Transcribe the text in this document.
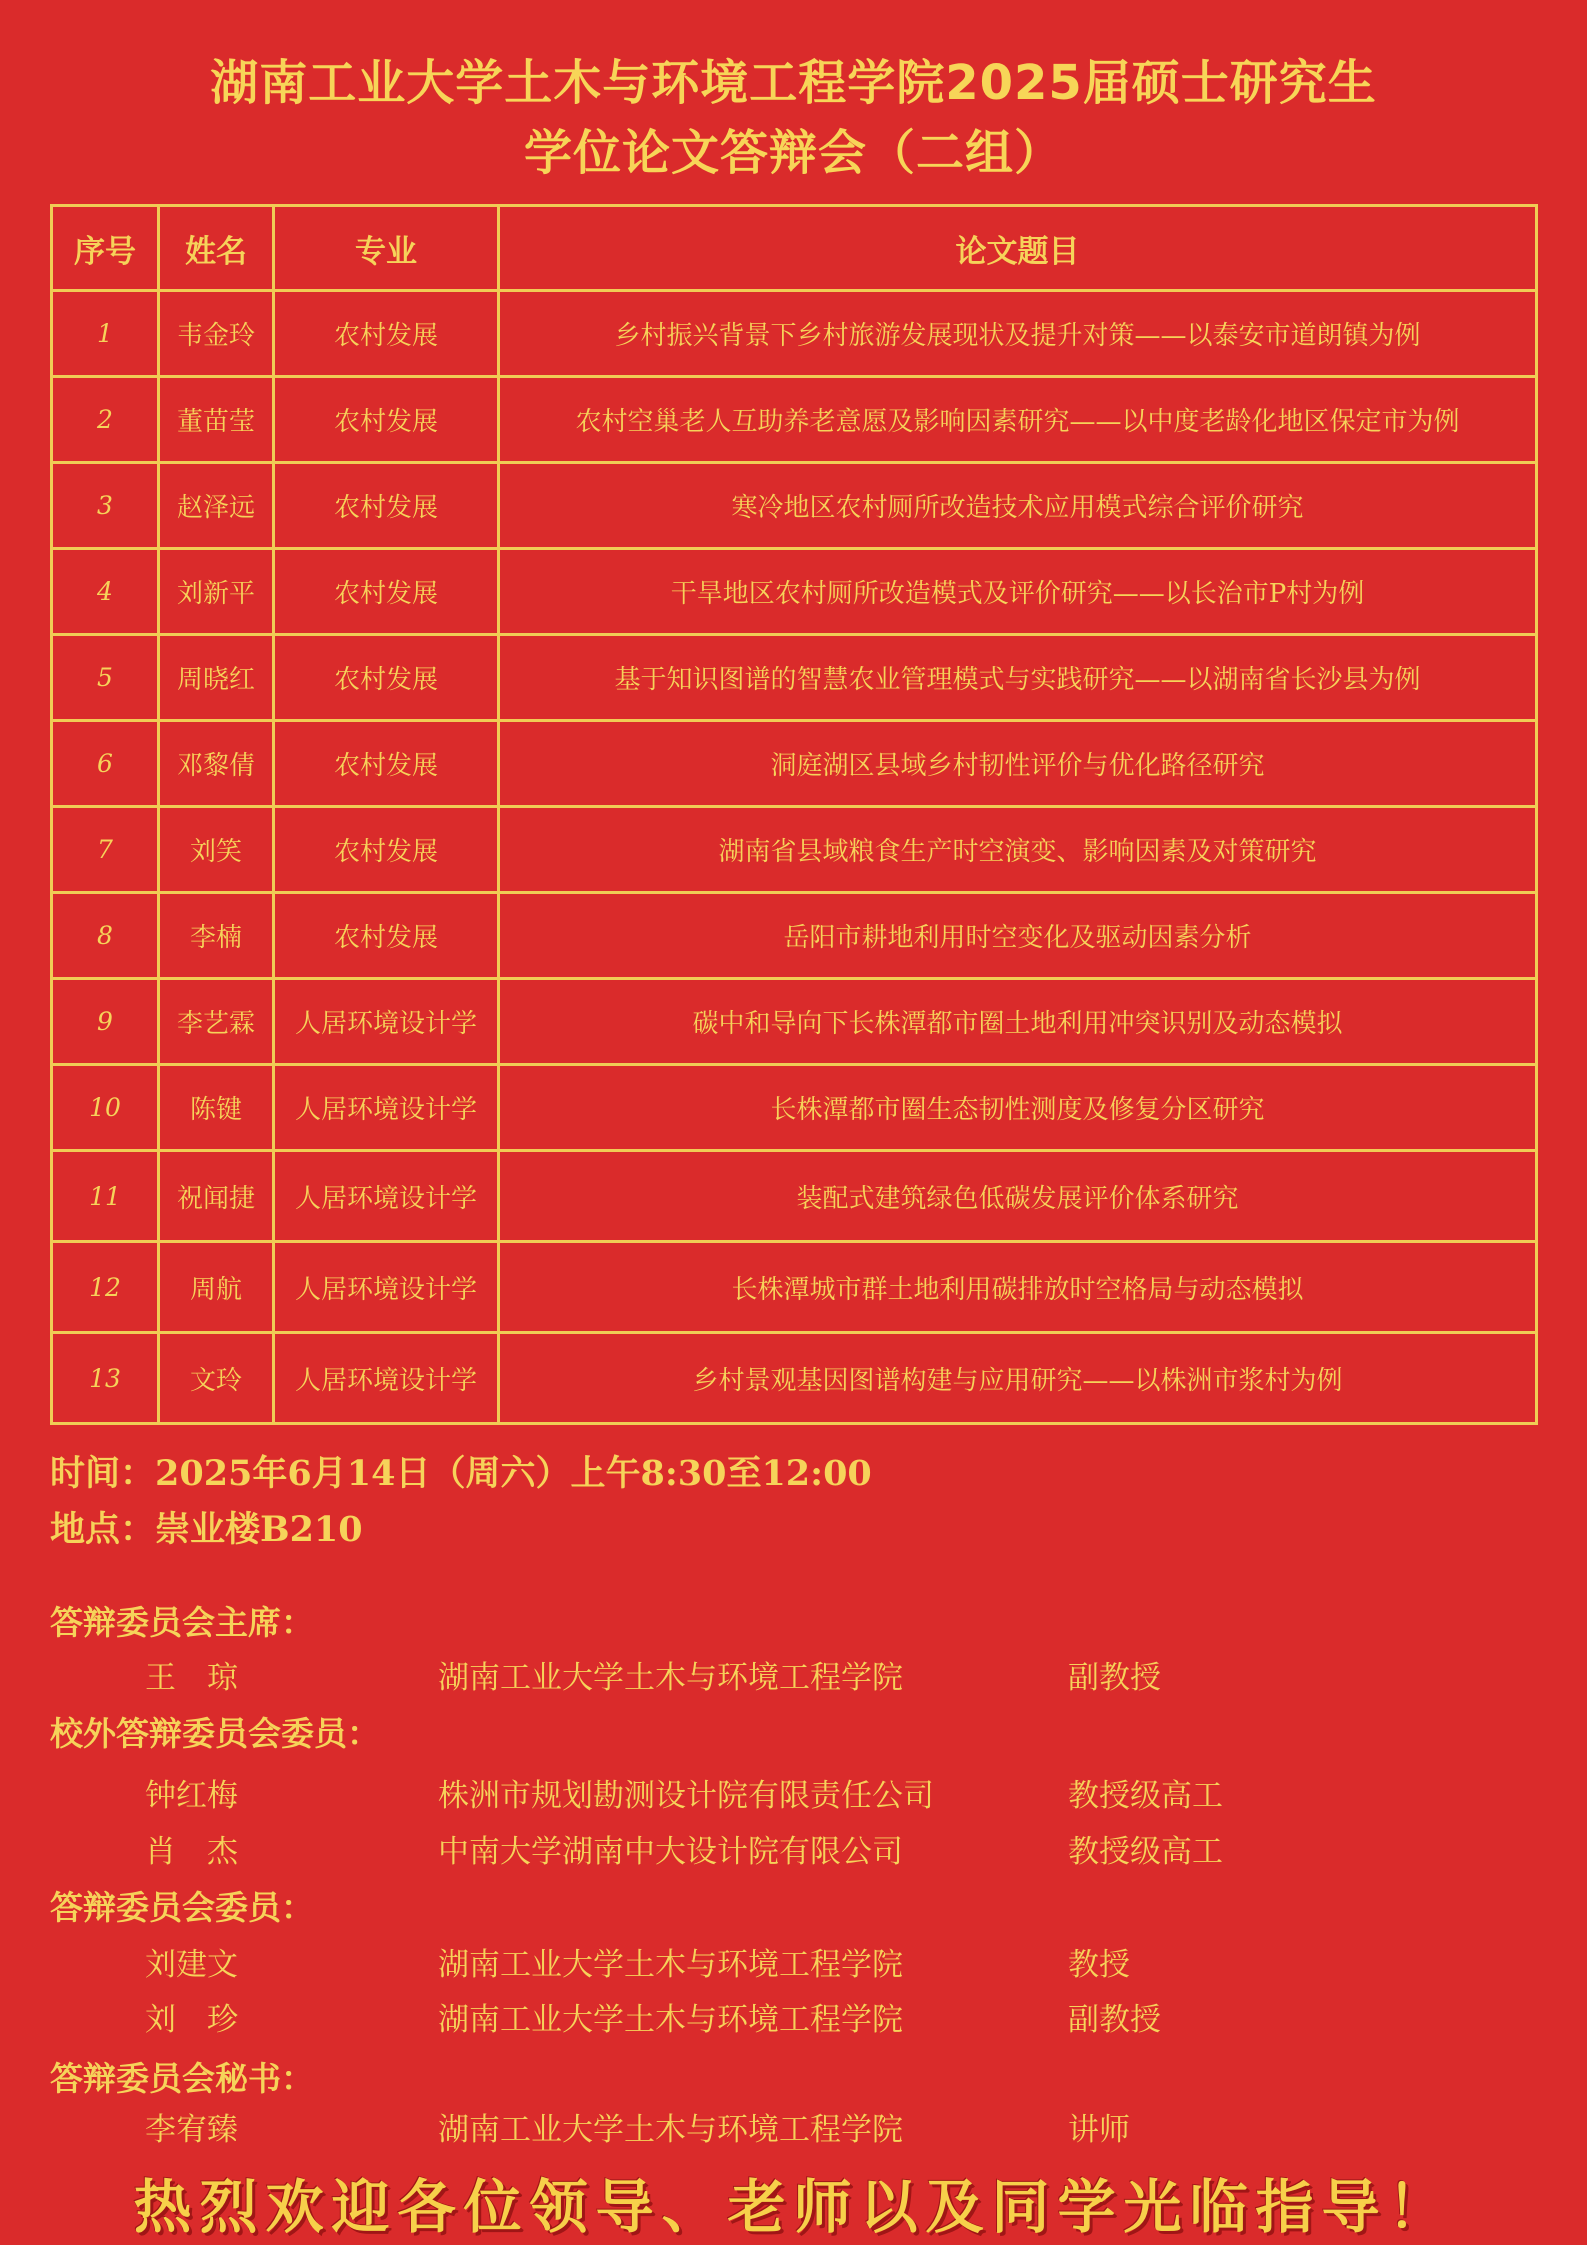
湖南工业大学土木与环境工程学院2025届硕士研究生
学位论文答辩会（二组）
序号	姓名	专业	论文题目
1	韦金玲	农村发展	乡村振兴背景下乡村旅游发展现状及提升对策——以泰安市道朗镇为例
2	董苗莹	农村发展	农村空巢老人互助养老意愿及影响因素研究——以中度老龄化地区保定市为例
3	赵泽远	农村发展	寒冷地区农村厕所改造技术应用模式综合评价研究
4	刘新平	农村发展	干旱地区农村厕所改造模式及评价研究——以长治市P村为例
5	周晓红	农村发展	基于知识图谱的智慧农业管理模式与实践研究——以湖南省长沙县为例
6	邓黎倩	农村发展	洞庭湖区县域乡村韧性评价与优化路径研究
7	刘笑	农村发展	湖南省县域粮食生产时空演变、影响因素及对策研究
8	李楠	农村发展	岳阳市耕地利用时空变化及驱动因素分析
9	李艺霖	人居环境设计学	碳中和导向下长株潭都市圈土地利用冲突识别及动态模拟
10	陈键	人居环境设计学	长株潭都市圈生态韧性测度及修复分区研究
11	祝闻捷	人居环境设计学	装配式建筑绿色低碳发展评价体系研究
12	周航	人居环境设计学	长株潭城市群土地利用碳排放时空格局与动态模拟
13	文玲	人居环境设计学	乡村景观基因图谱构建与应用研究——以株洲市浆村为例
时间：2025年6月14日（周六）上午8:30至12:00
地点：崇业楼B210
答辩委员会主席：
王　琼	湖南工业大学土木与环境工程学院	副教授
校外答辩委员会委员：
钟红梅	株洲市规划勘测设计院有限责任公司	教授级高工
肖　杰	中南大学湖南中大设计院有限公司	教授级高工
答辩委员会委员：
刘建文	湖南工业大学土木与环境工程学院	教授
刘　珍	湖南工业大学土木与环境工程学院	副教授
答辩委员会秘书：
李宥臻	湖南工业大学土木与环境工程学院	讲师
热烈欢迎各位领导、老师以及同学光临指导！
